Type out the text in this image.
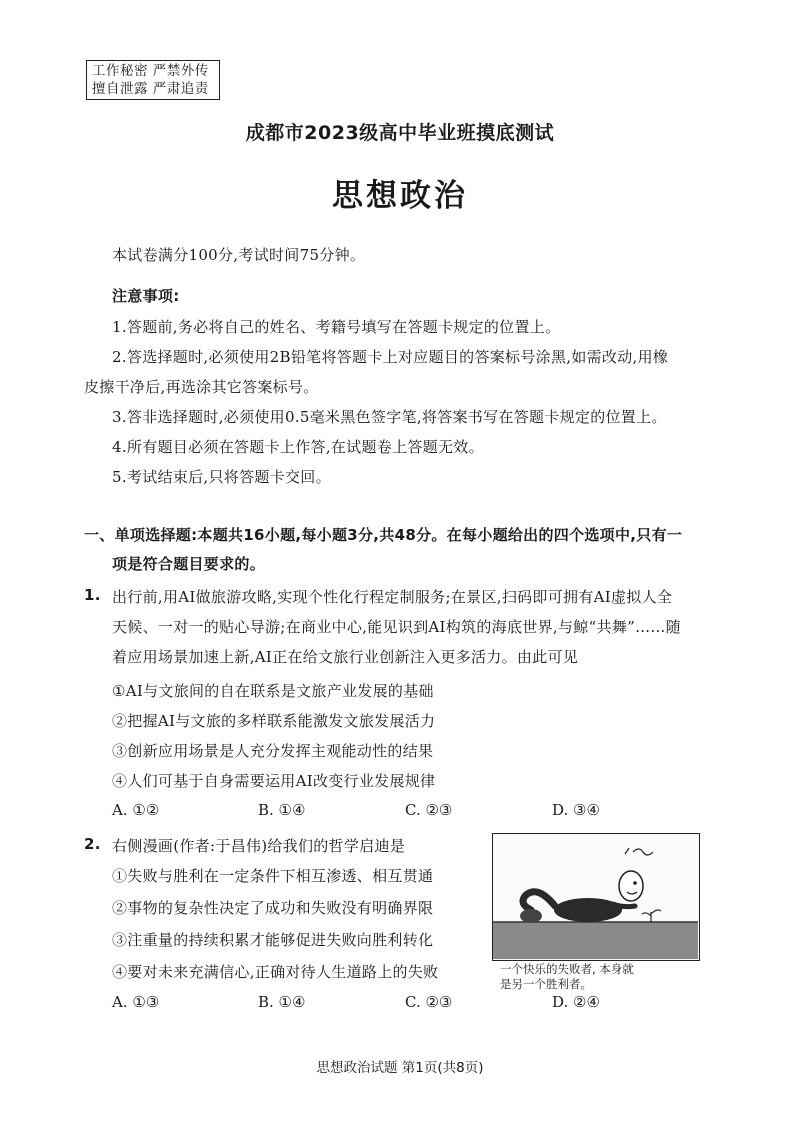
工作秘密 严禁外传
擅自泄露 严肃追责
成都市2023级高中毕业班摸底测试
思想政治
本试卷满分100分,考试时间75分钟。
注意事项:
1.答题前,务必将自己的姓名、考籍号填写在答题卡规定的位置上。
2.答选择题时,必须使用2B铅笔将答题卡上对应题目的答案标号涂黑,如需改动,用橡
皮擦干净后,再选涂其它答案标号。
3.答非选择题时,必须使用0.5毫米黑色签字笔,将答案书写在答题卡规定的位置上。
4.所有题目必须在答题卡上作答,在试题卷上答题无效。
5.考试结束后,只将答题卡交回。
一、单项选择题:本题共16小题,每小题3分,共48分。在每小题给出的四个选项中,只有一
项是符合题目要求的。
1. 出行前,用AI做旅游攻略,实现个性化行程定制服务;在景区,扫码即可拥有AI虚拟人全
天候、一对一的贴心导游;在商业中心,能见识到AI构筑的海底世界,与鲸“共舞”……随
着应用场景加速上新,AI正在给文旅行业创新注入更多活力。由此可见
①AI与文旅间的自在联系是文旅产业发展的基础
②把握AI与文旅的多样联系能激发文旅发展活力
③创新应用场景是人充分发挥主观能动性的结果
④人们可基于自身需要运用AI改变行业发展规律
A. ①②	B. ①④	C. ②③	D. ③④
2. 右侧漫画(作者:于昌伟)给我们的哲学启迪是
①失败与胜利在一定条件下相互渗透、相互贯通
②事物的复杂性决定了成功和失败没有明确界限
③注重量的持续积累才能够促进失败向胜利转化
④要对未来充满信心,正确对待人生道路上的失败
A. ①③	B. ①④	C. ②③	D. ②④
一个快乐的失败者, 本身就
是另一个胜利者。
思想政治试题 第1页(共8页)
